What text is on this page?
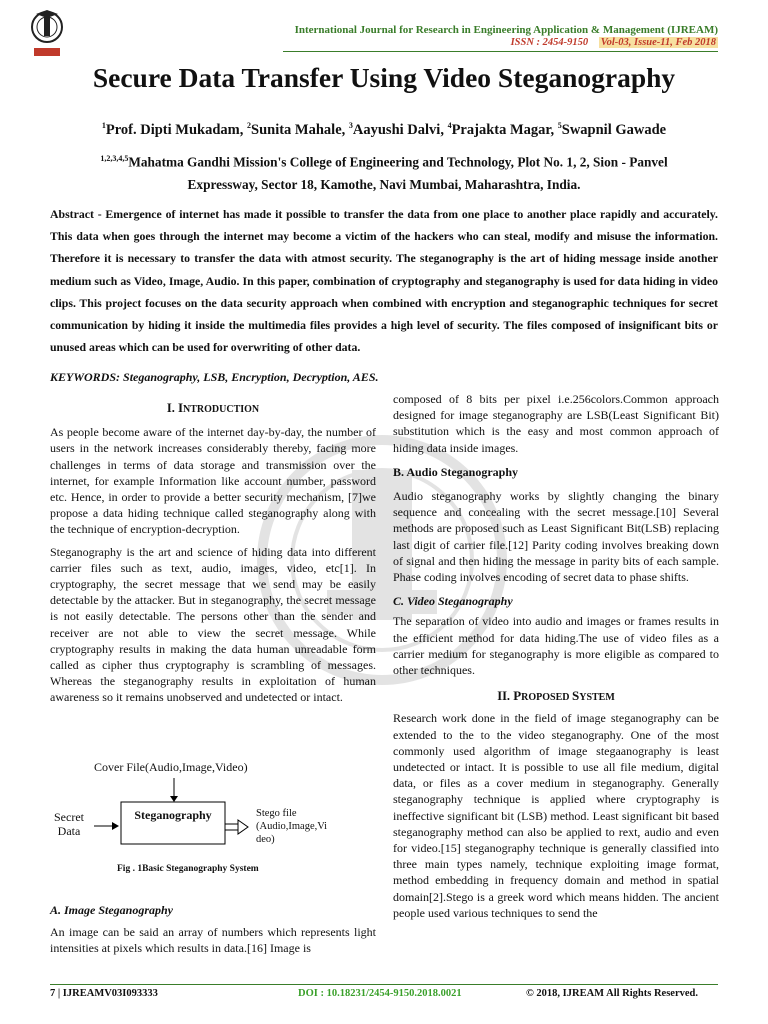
International Journal for Research in Engineering Application & Management (IJREAM)
ISSN : 2454-9150 Vol-03, Issue-11, Feb 2018
Secure Data Transfer Using Video Steganography
$^1$Prof. Dipti Mukadam, $^2$Sunita Mahale, $^3$Aayushi Dalvi, $^4$Prajakta Magar, $^5$Swapnil Gawade
$^{1,2,3,4,5}$Mahatma Gandhi Mission's College of Engineering and Technology, Plot No. 1, 2, Sion - Panvel
Expressway, Sector 18, Kamothe, Navi Mumbai, Maharashtra, India.
Abstract - Emergence of internet has made it possible to transfer the data from one place to another place rapidly and accurately. This data when goes through the internet may become a victim of the hackers who can steal, modify and misuse the information. Therefore it is necessary to transfer the data with atmost security. The steganography is the art of hiding message inside another medium such as Video, Image, Audio. In this paper, combination of cryptography and steganography is used for data hiding in video clips. This project focuses on the data security approach when combined with encryption and steganographic techniques for secret communication by hiding it inside the multimedia files provides a high level of security. The files composed of insignificant bits or unused areas which can be used for overwriting of other data.
KEYWORDS: Steganography, LSB, Encryption, Decryption, AES.
I. INTRODUCTION

As people become aware of the internet day-by-day, the number of users in the network increases considerably thereby, facing more challenges in terms of data storage and transmission over the internet, for example Information like account number, password etc. Hence, in order to provide a better security mechanism, [7]we propose a data hiding technique called steganography along with the technique of encryption-decryption.

Steganography is the art and science of hiding data into different carrier files such as text, audio, images, video, etc[1]. In cryptography, the secret message that we send may be easily detectable by the attacker. But in steganography, the secret message is not easily detectable. The persons other than the sender and receiver are not able to view the secret message. While cryptography results in making the data human unreadable form called as cipher thus cryptography is scrambling of messages. Whereas the steganography results in exploitation of human awareness so it remains unobserved and undetected or intact.

Cover File(Audio,Image,Video)
Secret
Data
Steganography	Stego file
(Audio,Image,Vi
deo)
Fig . 1Basic Steganography System
A. Image Steganography

An image can be said an array of numbers which represents light intensities at pixels which results in data.[16] Image is

composed of 8 bits per pixel i.e.256colors.Common approach designed for image steganography are LSB(Least Significant Bit) substitution which is the easy and most common approach of hiding data inside images.

B. Audio Steganography

Audio steganography works by slightly changing the binary sequence and concealing with the secret message.[10] Several methods are proposed such as Least Significant Bit(LSB) replacing last digit of carrier file.[12] Parity coding involves breaking down of signal and then hiding the message in parity bits of each sample. Phase coding involves encoding of secret data to phase shifts.

C. Video Steganography

The separation of video into audio and images or frames results in the efficient method for data hiding.The use of video files as a carrier medium for steganography is more eligible as compared to other techniques.

II. PROPOSED SYSTEM

Research work done in the field of image steganography can be extended to the to the video steganography. One of the most commonly used algorithm of image stegaanography is least undetected or intact. It is possible to use all file medium, digital data, or files as a cover medium in steganography. Generally steganography technique is applied where cryptography is ineffective significant bit (LSB) method. Least significant bit based steganography method can also be applied to rext, audio and even for video.[15] steganography technique is generally classified into three main types namely, technique exploiting image format, method embedding in frequency domain and method in spatial domain[2].Stego is a greek word which means hidden. The ancient people used various techniques to send the

7 | IJREAMV03I093333	DOI : 10.18231/2454-9150.2018.0021	© 2018, IJREAM All Rights Reserved.
